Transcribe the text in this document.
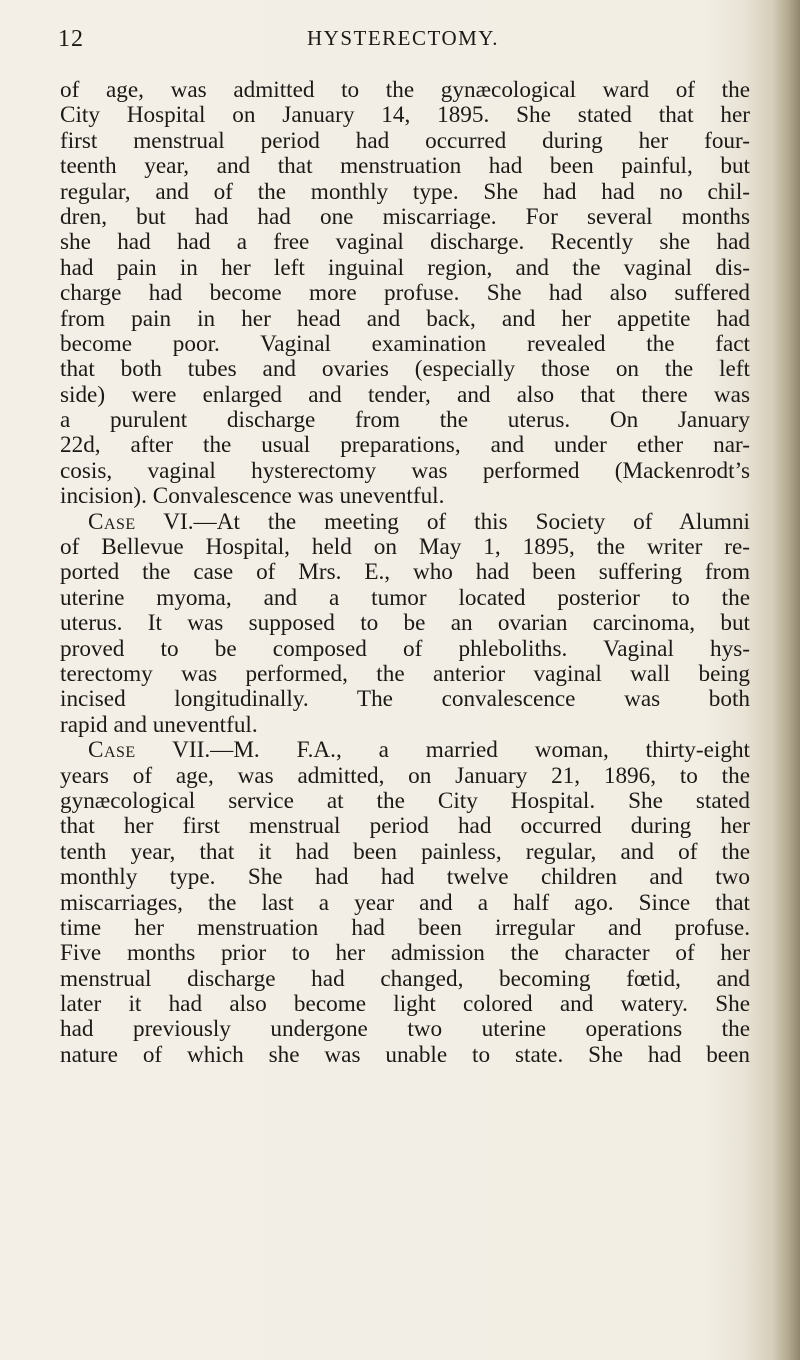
12	HYSTERECTOMY.
of age, was admitted to the gynæcological ward of the
City Hospital on January 14, 1895. She stated that her
first menstrual period had occurred during her four-
teenth year, and that menstruation had been painful, but
regular, and of the monthly type. She had had no chil-
dren, but had had one miscarriage. For several months
she had had a free vaginal discharge. Recently she had
had pain in her left inguinal region, and the vaginal dis-
charge had become more profuse. She had also suffered
from pain in her head and back, and her appetite had
become poor. Vaginal examination revealed the fact
that both tubes and ovaries (especially those on the left
side) were enlarged and tender, and also that there was
a purulent discharge from the uterus. On January
22d, after the usual preparations, and under ether nar-
cosis, vaginal hysterectomy was performed (Mackenrodt’s
incision). Convalescence was uneventful.
Case VI.—At the meeting of this Society of Alumni
of Bellevue Hospital, held on May 1, 1895, the writer re-
ported the case of Mrs. E., who had been suffering from
uterine myoma, and a tumor located posterior to the
uterus. It was supposed to be an ovarian carcinoma, but
proved to be composed of phleboliths. Vaginal hys-
terectomy was performed, the anterior vaginal wall being
incised longitudinally. The convalescence was both
rapid and uneventful.
Case VII.—M. F.A., a married woman, thirty-eight
years of age, was admitted, on January 21, 1896, to the
gynæcological service at the City Hospital. She stated
that her first menstrual period had occurred during her
tenth year, that it had been painless, regular, and of the
monthly type. She had had twelve children and two
miscarriages, the last a year and a half ago. Since that
time her menstruation had been irregular and profuse.
Five months prior to her admission the character of her
menstrual discharge had changed, becoming fœtid, and
later it had also become light colored and watery. She
had previously undergone two uterine operations the
nature of which she was unable to state. She had been
